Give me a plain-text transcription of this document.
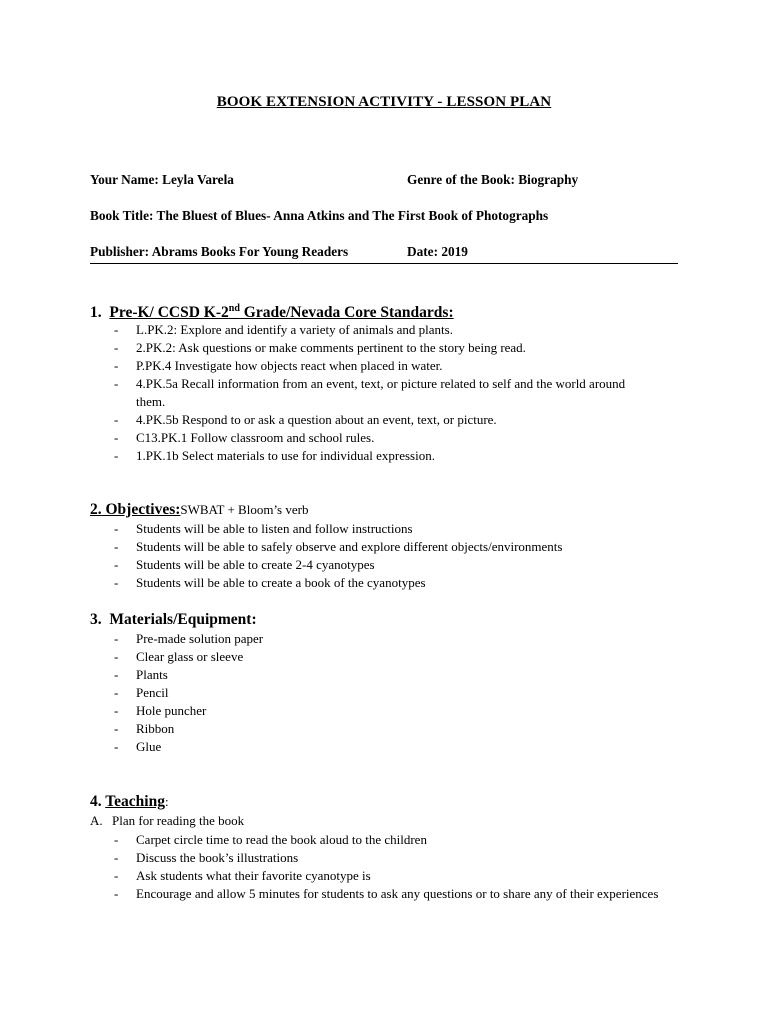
BOOK EXTENSION ACTIVITY - LESSON PLAN
Your Name: Leyla Varela	Genre of the Book: Biography
Book Title: The Bluest of Blues- Anna Atkins and The First Book of Photographs
Publisher: Abrams Books For Young Readers	Date: 2019
1. Pre-K/ CCSD K-2nd Grade/Nevada Core Standards:
- L.PK.2: Explore and identify a variety of animals and plants.
- 2.PK.2: Ask questions or make comments pertinent to the story being read.
- P.PK.4 Investigate how objects react when placed in water.
- 4.PK.5a Recall information from an event, text, or picture related to self and the world around them.
- 4.PK.5b Respond to or ask a question about an event, text, or picture.
- C13.PK.1 Follow classroom and school rules.
- 1.PK.1b Select materials to use for individual expression.
2. Objectives:SWBAT + Bloom’s verb
- Students will be able to listen and follow instructions
- Students will be able to safely observe and explore different objects/environments
- Students will be able to create 2-4 cyanotypes
- Students will be able to create a book of the cyanotypes
3. Materials/Equipment:
- Pre-made solution paper
- Clear glass or sleeve
- Plants
- Pencil
- Hole puncher
- Ribbon
- Glue
4. Teaching:
A. Plan for reading the book
- Carpet circle time to read the book aloud to the children
- Discuss the book’s illustrations
- Ask students what their favorite cyanotype is
- Encourage and allow 5 minutes for students to ask any questions or to share any of their experiences
